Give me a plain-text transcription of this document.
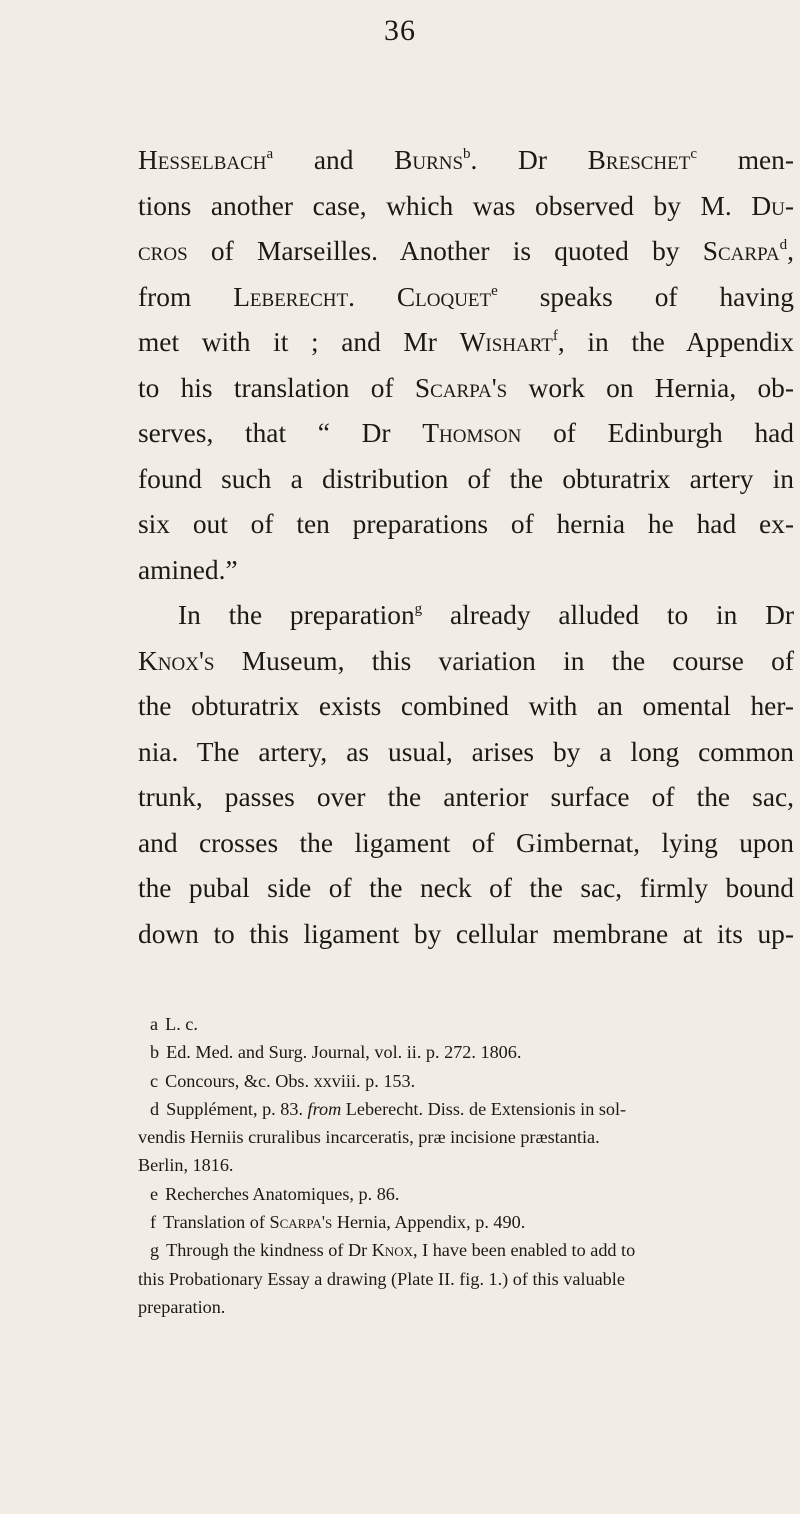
36

Hesselbach$^a$ and Burns$^b$. Dr Breschet$^c$ men-
tions another case, which was observed by M. Du-
cros of Marseilles. Another is quoted by Scarpa$^d$,
from Leberecht. Cloquet$^e$ speaks of having
met with it ; and Mr Wishart$^f$, in the Appendix
to his translation of Scarpa's work on Hernia, ob-
serves, that “ Dr Thomson of Edinburgh had
found such a distribution of the obturatrix artery in
six out of ten preparations of hernia he had ex-
amined.”

In the preparation$^g$ already alluded to in Dr
Knox's Museum, this variation in the course of
the obturatrix exists combined with an omental her-
nia. The artery, as usual, arises by a long common
trunk, passes over the anterior surface of the sac,
and crosses the ligament of Gimbernat, lying upon
the pubal side of the neck of the sac, firmly bound
down to this ligament by cellular membrane at its up-

a L. c.
b Ed. Med. and Surg. Journal, vol. ii. p. 272. 1806.
c Concours, &c. Obs. xxviii. p. 153.
d Supplément, p. 83. from Leberecht. Diss. de Extensionis in sol-
vendis Herniis cruralibus incarceratis, præ incisione præstantia.
Berlin, 1816.
e Recherches Anatomiques, p. 86.
f Translation of Scarpa's Hernia, Appendix, p. 490.
g Through the kindness of Dr Knox, I have been enabled to add to
this Probationary Essay a drawing (Plate II. fig. 1.) of this valuable
preparation.
